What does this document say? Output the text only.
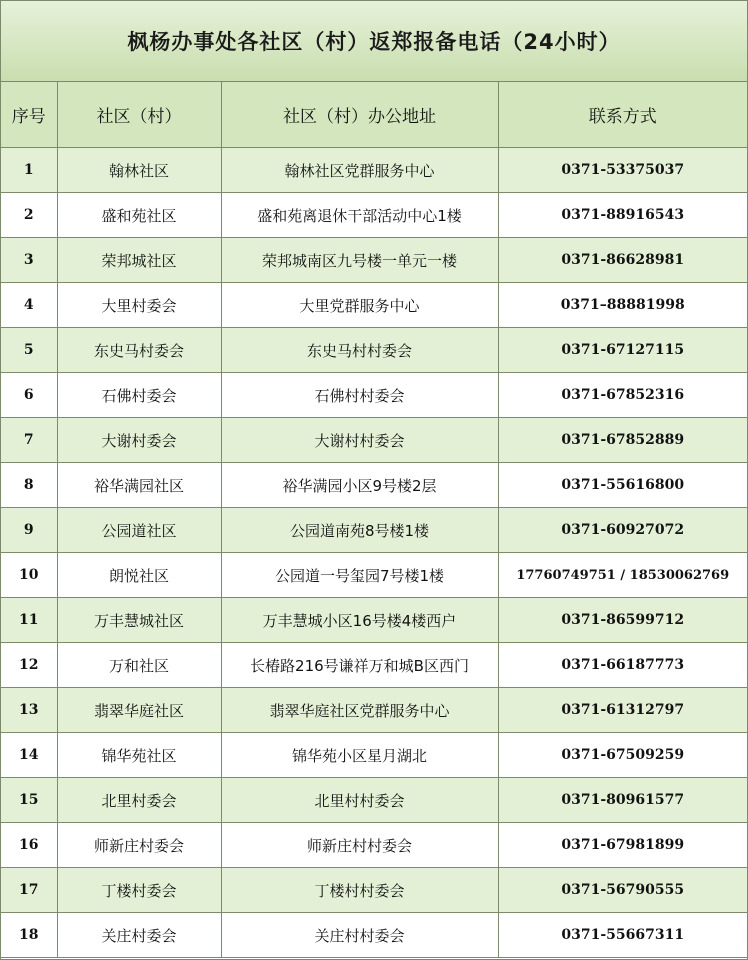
枫杨办事处各社区（村）返郑报备电话（24小时）
序号	社区（村）	社区（村）办公地址	联系方式
1	翰林社区	翰林社区党群服务中心	0371-53375037
2	盛和苑社区	盛和苑离退休干部活动中心1楼	0371-88916543
3	荣邦城社区	荣邦城南区九号楼一单元一楼	0371-86628981
4	大里村委会	大里党群服务中心	0371–88881998
5	东史马村委会	东史马村村委会	0371-67127115
6	石佛村委会	石佛村村委会	0371-67852316
7	大谢村委会	大谢村村委会	0371-67852889
8	裕华满园社区	裕华满园小区9号楼2层	0371-55616800
9	公园道社区	公园道南苑8号楼1楼	0371-60927072
10	朗悦社区	公园道一号玺园7号楼1楼	17760749751 / 18530062769
11	万丰慧城社区	万丰慧城小区16号楼4楼西户	0371-86599712
12	万和社区	长椿路216号谦祥万和城B区西门	0371-66187773
13	翡翠华庭社区	翡翠华庭社区党群服务中心	0371-61312797
14	锦华苑社区	锦华苑小区星月湖北	0371-67509259
15	北里村委会	北里村村委会	0371-80961577
16	师新庄村委会	师新庄村村委会	0371-67981899
17	丁楼村委会	丁楼村村委会	0371-56790555
18	关庄村委会	关庄村村委会	0371-55667311
